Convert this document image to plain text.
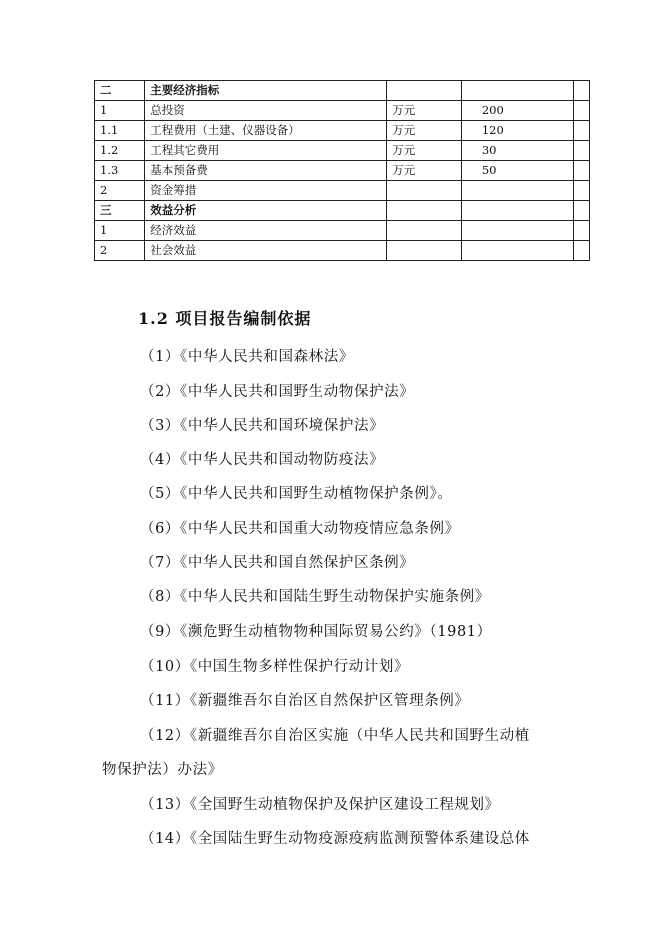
二	主要经济指标			
1	总投资	万元	200	
1.1	工程费用（土建、仪器设备）	万元	120	
1.2	工程其它费用	万元	30	
1.3	基本预备费	万元	50	
2	资金筹措			
三	效益分析			
1	经济效益			
2	社会效益			
1.2 项目报告编制依据
（1）《中华人民共和国森林法》
（2）《中华人民共和国野生动物保护法》
（3）《中华人民共和国环境保护法》
（4）《中华人民共和国动物防疫法》
（5）《中华人民共和国野生动植物保护条例》。
（6）《中华人民共和国重大动物疫情应急条例》
（7）《中华人民共和国自然保护区条例》
（8）《中华人民共和国陆生野生动物保护实施条例》
（9）《濒危野生动植物物种国际贸易公约》（1981）
（10）《中国生物多样性保护行动计划》
（11）《新疆维吾尔自治区自然保护区管理条例》
（12）《新疆维吾尔自治区实施（中华人民共和国野生动植
物保护法）办法》
（13）《全国野生动植物保护及保护区建设工程规划》
（14）《全国陆生野生动物疫源疫病监测预警体系建设总体
